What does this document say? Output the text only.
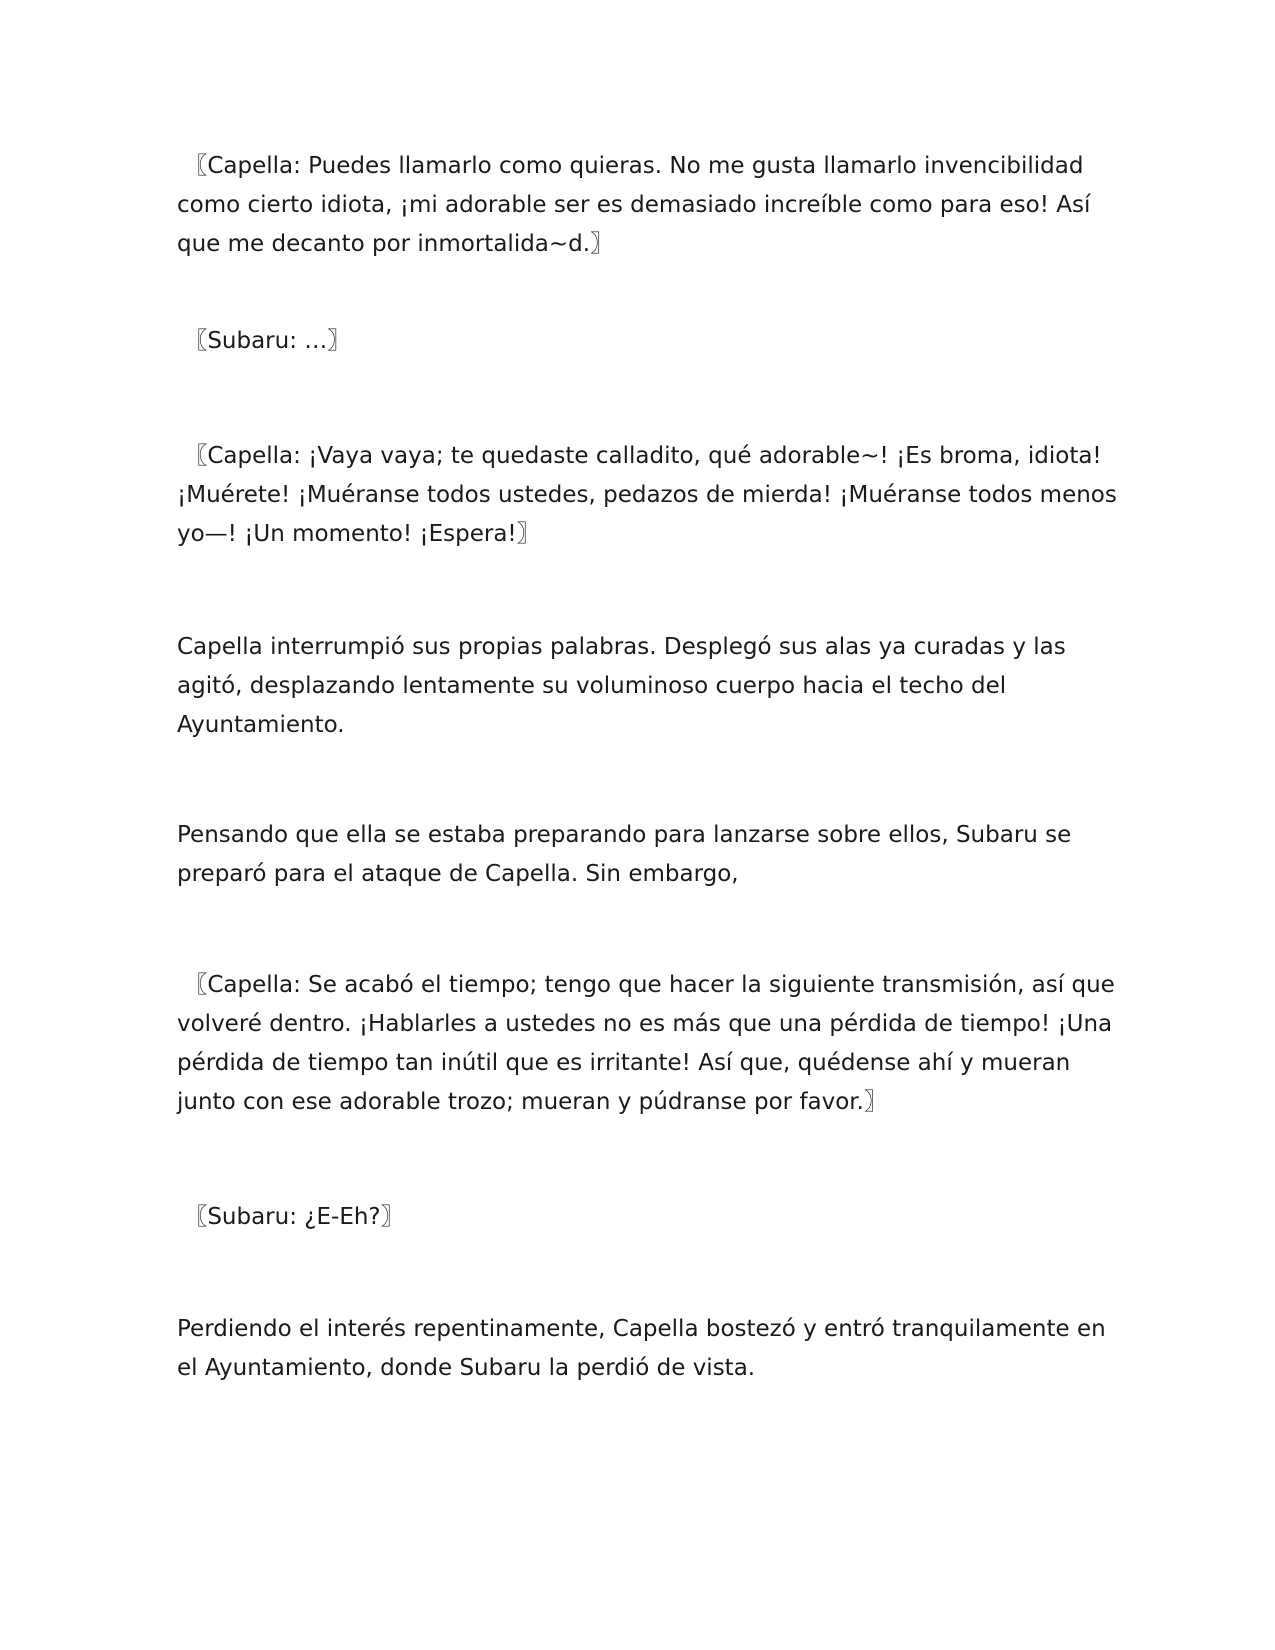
〖Capella: Puedes llamarlo como quieras. No me gusta llamarlo invencibilidad como cierto idiota, ¡mi adorable ser es demasiado increíble como para eso! Así que me decanto por inmortalida~d.〗

〖Subaru: …〗

〖Capella: ¡Vaya vaya; te quedaste calladito, qué adorable~! ¡Es broma, idiota! ¡Muérete! ¡Muéranse todos ustedes, pedazos de mierda! ¡Muéranse todos menos yo—! ¡Un momento! ¡Espera!〗

Capella interrumpió sus propias palabras. Desplegó sus alas ya curadas y las agitó, desplazando lentamente su voluminoso cuerpo hacia el techo del Ayuntamiento.

Pensando que ella se estaba preparando para lanzarse sobre ellos, Subaru se preparó para el ataque de Capella. Sin embargo,

〖Capella: Se acabó el tiempo; tengo que hacer la siguiente transmisión, así que volveré dentro. ¡Hablarles a ustedes no es más que una pérdida de tiempo! ¡Una pérdida de tiempo tan inútil que es irritante! Así que, quédense ahí y mueran junto con ese adorable trozo; mueran y púdranse por favor.〗

〖Subaru: ¿E-Eh?〗

Perdiendo el interés repentinamente, Capella bostezó y entró tranquilamente en el Ayuntamiento, donde Subaru la perdió de vista.
